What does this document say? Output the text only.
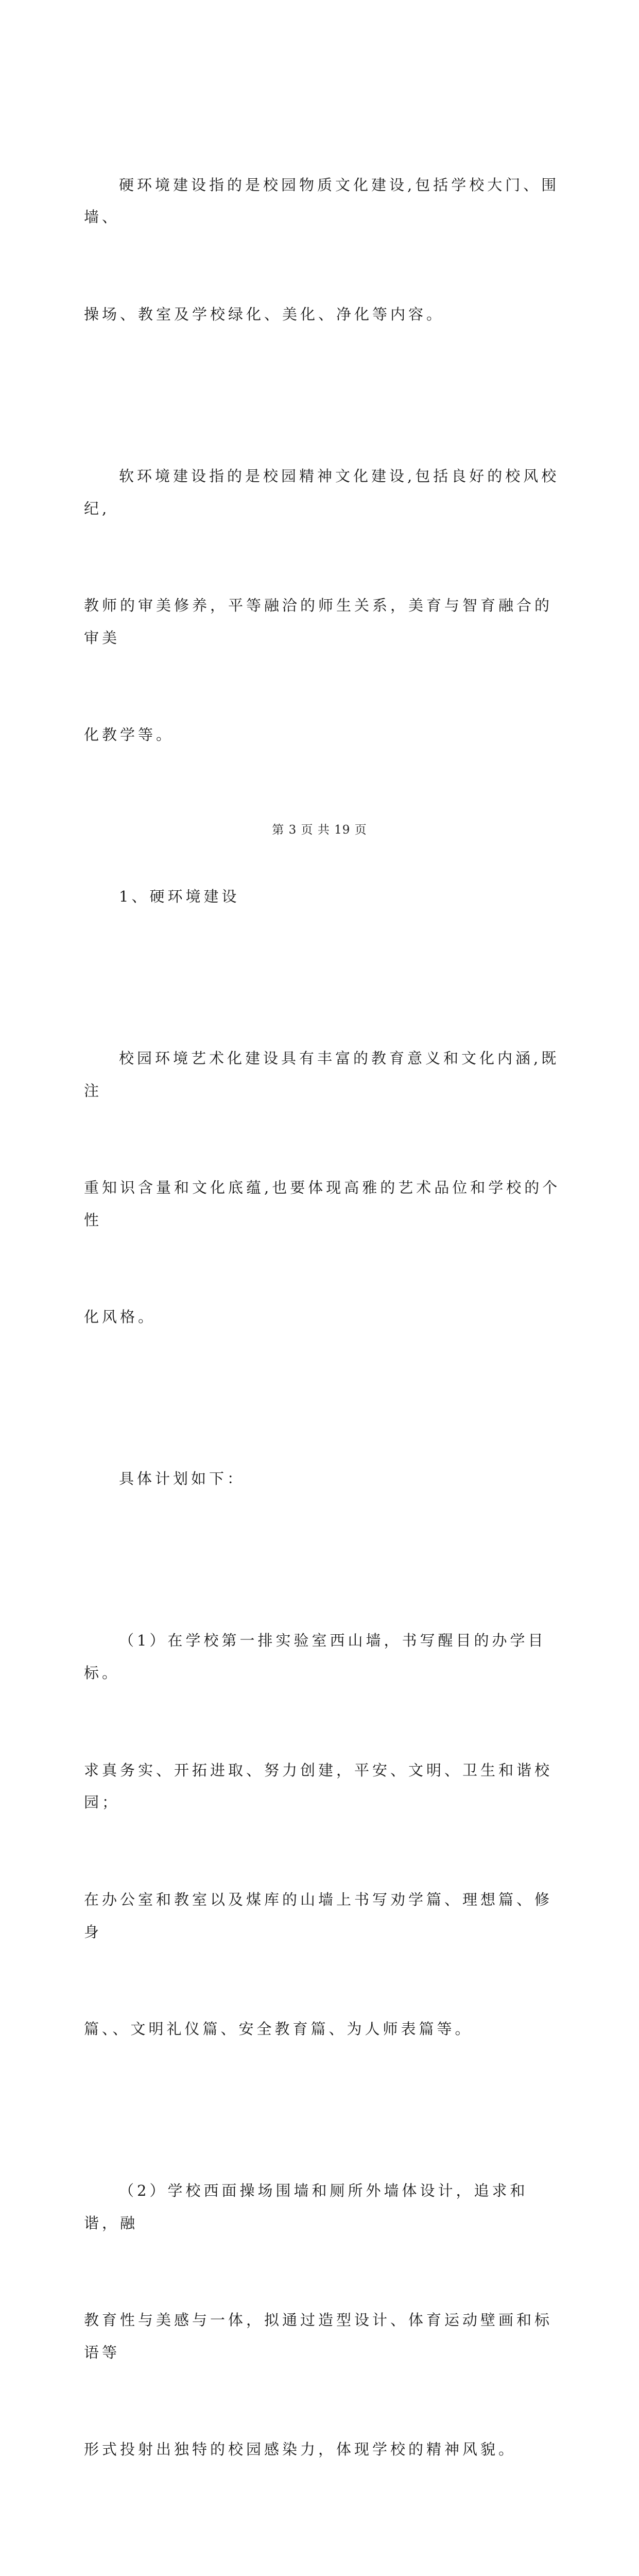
硬环境建设指的是校园物质文化建设,包括学校大门、围墙、

操场、教室及学校绿化、美化、净化等内容。

软环境建设指的是校园精神文化建设,包括良好的校风校纪,

教师的审美修养，平等融洽的师生关系，美育与智育融合的审美

化教学等。

1、硬环境建设

校园环境艺术化建设具有丰富的教育意义和文化内涵,既注

重知识含量和文化底蕴,也要体现高雅的艺术品位和学校的个性

化风格。

具体计划如下：

（1）在学校第一排实验室西山墙，书写醒目的办学目标。

求真务实、开拓进取、努力创建，平安、文明、卫生和谐校园；

在办公室和教室以及煤库的山墙上书写劝学篇、理想篇、修身

篇、、文明礼仪篇、安全教育篇、为人师表篇等。

（2）学校西面操场围墙和厕所外墙体设计，追求和谐，融

教育性与美感与一体，拟通过造型设计、体育运动壁画和标语等

形式投射出独特的校园感染力，体现学校的精神风貌。

第 3 页 共 19 页
